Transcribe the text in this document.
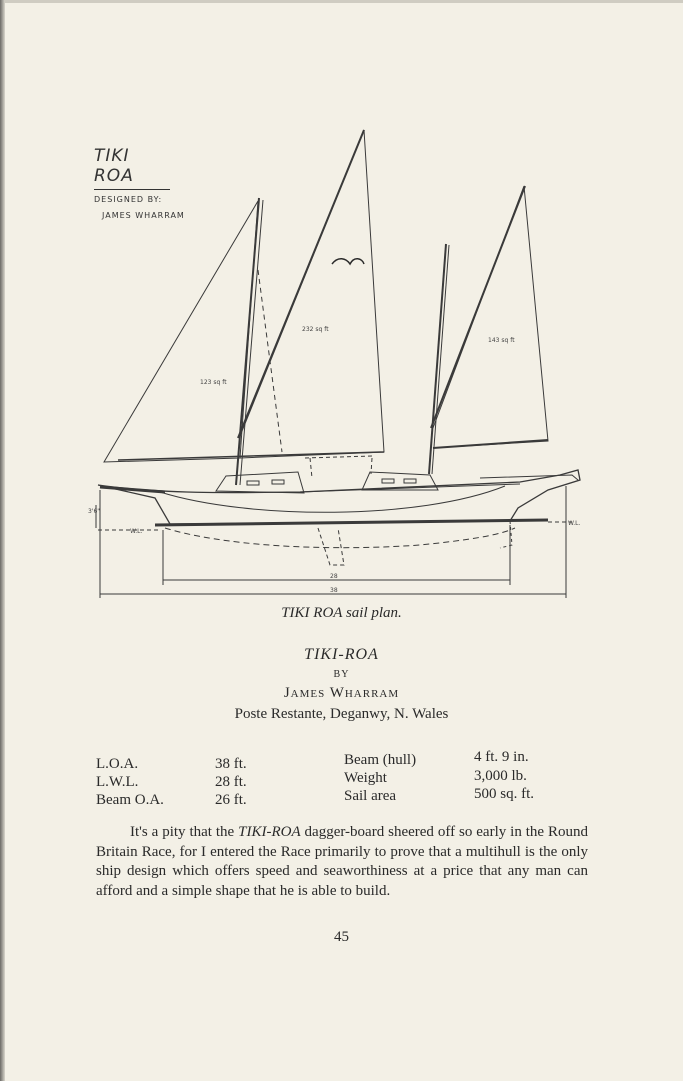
TIKI ROA
DESIGNED BY:
JAMES WHARRAM
123 sq ft
232 sq ft
143 sq ft
3'6"
W.L.
W.L.
28
38
TIKI ROA sail plan.
TIKI-ROA
BY
James Wharram
Poste Restante, Deganwy, N. Wales
L.O.A.	38 ft.
L.W.L.	28 ft.
Beam O.A.	26 ft.
Beam (hull)	4 ft. 9 in.
Weight	3,000 lb.
Sail area	500 sq. ft.
It's a pity that the TIKI-ROA dagger-board sheered off so early in the Round Britain Race, for I entered the Race primarily to prove that a multihull is the only ship design which offers speed and seaworthiness at a price that any man can afford and a simple shape that he is able to build.
45
